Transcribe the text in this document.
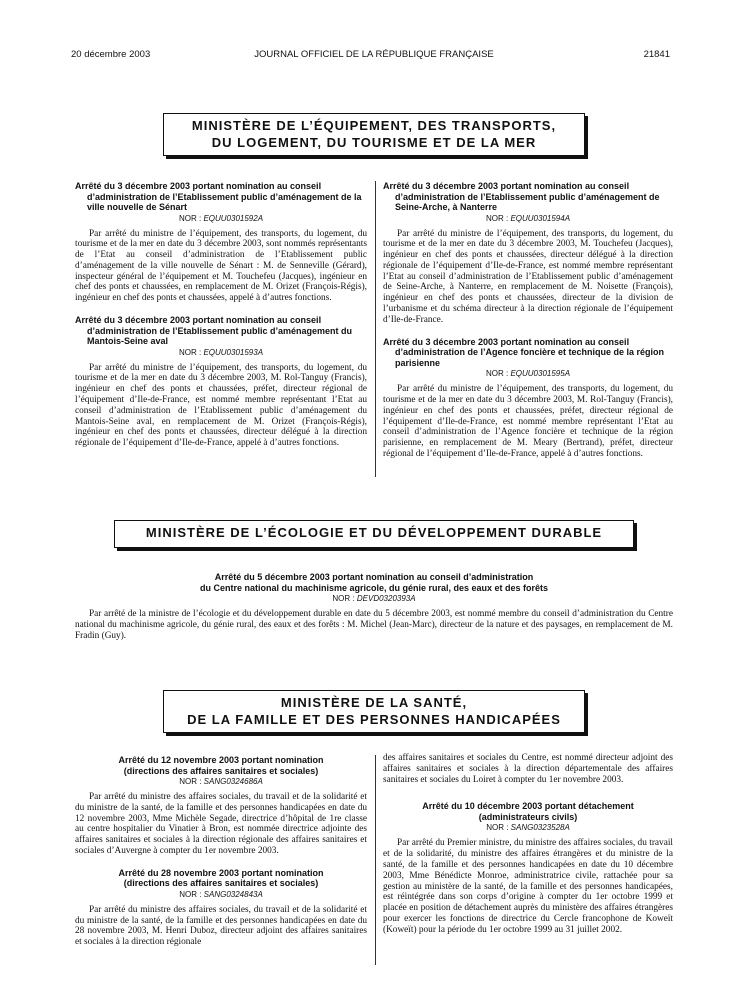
20 décembre 2003	JOURNAL OFFICIEL DE LA RÉPUBLIQUE FRANÇAISE	21841
MINISTÈRE DE L’ÉQUIPEMENT, DES TRANSPORTS,
DU LOGEMENT, DU TOURISME ET DE LA MER

Arrêté du 3 décembre 2003 portant nomination au conseil d’administration de l’Etablissement public d’aménagement de la ville nouvelle de Sénart

NOR : EQUU0301592A

Par arrêté du ministre de l’équipement, des transports, du logement, du tourisme et de la mer en date du 3 décembre 2003, sont nommés représentants de l’Etat au conseil d’administration de l’Etablissement public d’aménagement de la ville nouvelle de Sénart : M. de Senneville (Gérard), inspecteur général de l’équipement et M. Touchefeu (Jacques), ingénieur en chef des ponts et chaussées, en remplacement de M. Orizet (François-Régis), ingénieur en chef des ponts et chaussées, appelé à d’autres fonctions.

Arrêté du 3 décembre 2003 portant nomination au conseil d’administration de l’Etablissement public d’aménagement du Mantois-Seine aval

NOR : EQUU0301593A

Par arrêté du ministre de l’équipement, des transports, du logement, du tourisme et de la mer en date du 3 décembre 2003, M. Rol-Tanguy (Francis), ingénieur en chef des ponts et chaussées, préfet, directeur régional de l’équipement d’Ile-de-France, est nommé membre représentant l’Etat au conseil d’administration de l’Etablissement public d’aménagement du Mantois-Seine aval, en remplacement de M. Orizet (François-Régis), ingénieur en chef des ponts et chaussées, directeur délégué à la direction régionale de l’équipement d’Ile-de-France, appelé à d’autres fonctions.

Arrêté du 3 décembre 2003 portant nomination au conseil d’administration de l’Etablissement public d’aménagement de Seine-Arche, à Nanterre

NOR : EQUU0301594A

Par arrêté du ministre de l’équipement, des transports, du logement, du tourisme et de la mer en date du 3 décembre 2003, M. Touchefeu (Jacques), ingénieur en chef des ponts et chaussées, directeur délégué à la direction régionale de l’équipement d’Ile-de-France, est nommé membre représentant l’Etat au conseil d’administration de l’Etablissement public d’aménagement de Seine-Arche, à Nanterre, en remplacement de M. Noisette (François), ingénieur en chef des ponts et chaussées, directeur de la division de l’urbanisme et du schéma directeur à la direction régionale de l’équipement d’Ile-de-France.

Arrêté du 3 décembre 2003 portant nomination au conseil d’administration de l’Agence foncière et technique de la région parisienne

NOR : EQUU0301595A

Par arrêté du ministre de l’équipement, des transports, du logement, du tourisme et de la mer en date du 3 décembre 2003, M. Rol-Tanguy (Francis), ingénieur en chef des ponts et chaussées, préfet, directeur régional de l’équipement d’Ile-de-France, est nommé membre représentant l’Etat au conseil d’administration de l’Agence foncière et technique de la région parisienne, en remplacement de M. Meary (Bertrand), préfet, directeur régional de l’équipement d’Ile-de-France, appelé à d’autres fonctions.

MINISTÈRE DE L’ÉCOLOGIE ET DU DÉVELOPPEMENT DURABLE

Arrêté du 5 décembre 2003 portant nomination au conseil d’administration

du Centre national du machinisme agricole, du génie rural, des eaux et des forêts

NOR : DEVD0320393A

Par arrêté de la ministre de l’écologie et du développement durable en date du 5 décembre 2003, est nommé membre du conseil d’administration du Centre national du machinisme agricole, du génie rural, des eaux et des forêts : M. Michel (Jean-Marc), directeur de la nature et des paysages, en remplacement de M. Fradin (Guy).

MINISTÈRE DE LA SANTÉ,
DE LA FAMILLE ET DES PERSONNES HANDICAPÉES

Arrêté du 12 novembre 2003 portant nomination

(directions des affaires sanitaires et sociales)

NOR : SANG0324686A

Par arrêté du ministre des affaires sociales, du travail et de la solidarité et du ministre de la santé, de la famille et des personnes handicapées en date du 12 novembre 2003, Mme Michèle Segade, directrice d’hôpital de 1re classe au centre hospitalier du Vinatier à Bron, est nommée directrice adjointe des affaires sanitaires et sociales à la direction régionale des affaires sanitaires et sociales d’Auvergne à compter du 1er novembre 2003.

Arrêté du 28 novembre 2003 portant nomination

(directions des affaires sanitaires et sociales)

NOR : SANG0324843A

Par arrêté du ministre des affaires sociales, du travail et de la solidarité et du ministre de la santé, de la famille et des personnes handicapées en date du 28 novembre 2003, M. Henri Duboz, directeur adjoint des affaires sanitaires et sociales à la direction régionale

des affaires sanitaires et sociales du Centre, est nommé directeur adjoint des affaires sanitaires et sociales à la direction départementale des affaires sanitaires et sociales du Loiret à compter du 1er novembre 2003.

Arrêté du 10 décembre 2003 portant détachement

(administrateurs civils)

NOR : SANG0323528A

Par arrêté du Premier ministre, du ministre des affaires sociales, du travail et de la solidarité, du ministre des affaires étrangères et du ministre de la santé, de la famille et des personnes handicapées en date du 10 décembre 2003, Mme Bénédicte Monroe, administratrice civile, rattachée pour sa gestion au ministère de la santé, de la famille et des personnes handicapées, est réintégrée dans son corps d’origine à compter du 1er octobre 1999 et placée en position de détachement auprès du ministère des affaires étrangères pour exercer les fonctions de directrice du Cercle francophone de Koweït (Koweït) pour la période du 1er octobre 1999 au 31 juillet 2002.
